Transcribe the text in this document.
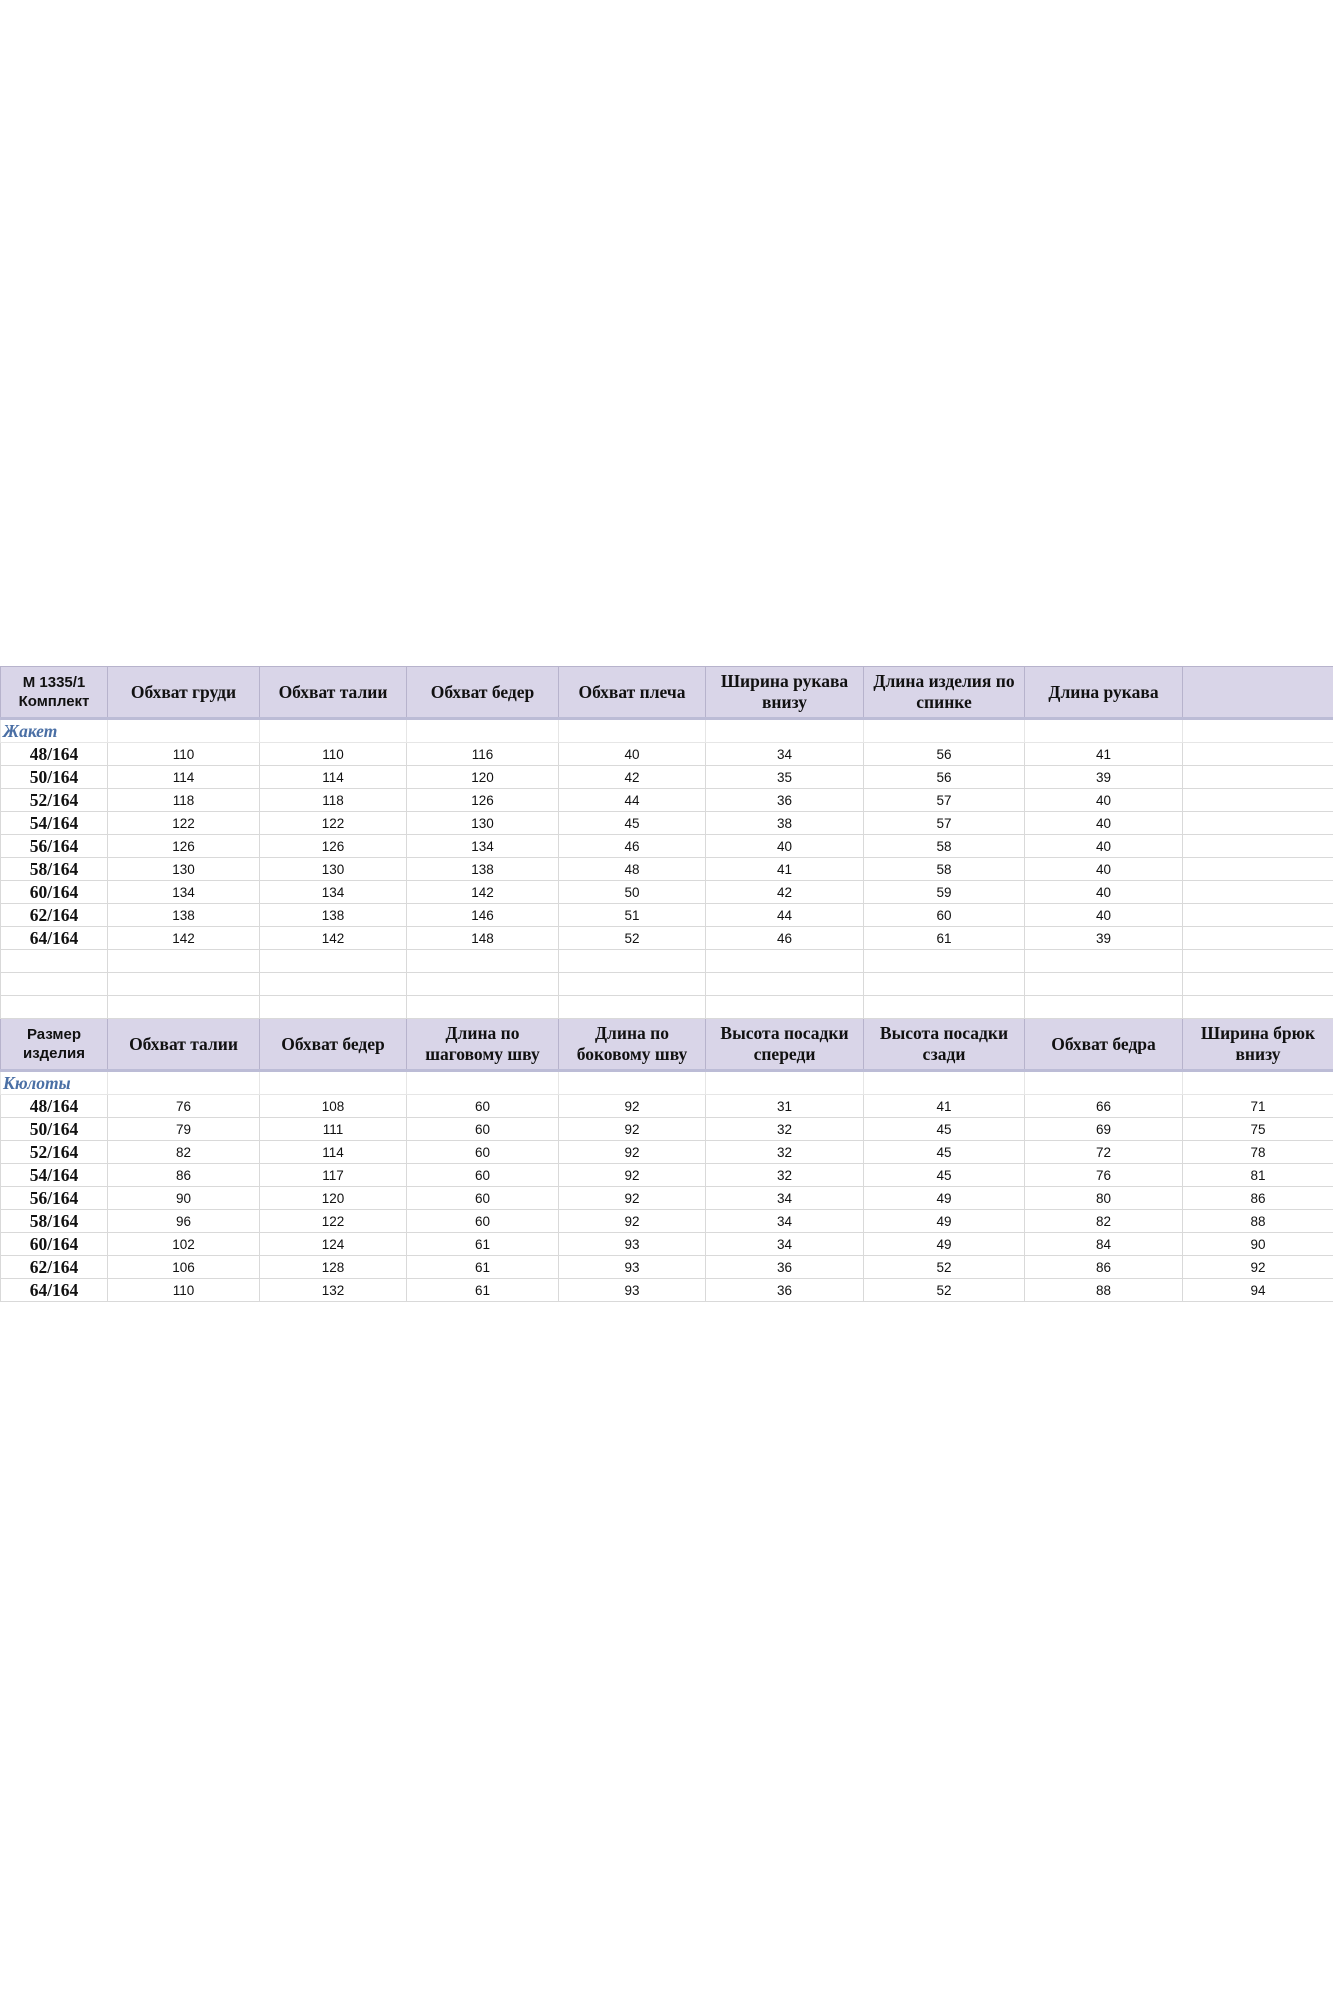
M 1335/1
Комплект	Обхват груди	Обхват талии	Обхват бедер	Обхват плеча	Ширина рукава внизу	Длина изделия по спинке	Длина рукава	

Жакет								
48/164	110	110	116	40	34	56	41	
50/164	114	114	120	42	35	56	39	
52/164	118	118	126	44	36	57	40	
54/164	122	122	130	45	38	57	40	
56/164	126	126	134	46	40	58	40	
58/164	130	130	138	48	41	58	40	
60/164	134	134	142	50	42	59	40	
62/164	138	138	146	51	44	60	40	
64/164	142	142	148	52	46	61	39	

Размер
изделия	Обхват талии	Обхват бедер	Длина по шаговому шву	Длина по боковому шву	Высота посадки спереди	Высота посадки сзади	Обхват бедра	Ширина брюк внизу

Кюлоты								
48/164	76	108	60	92	31	41	66	71
50/164	79	111	60	92	32	45	69	75
52/164	82	114	60	92	32	45	72	78
54/164	86	117	60	92	32	45	76	81
56/164	90	120	60	92	34	49	80	86
58/164	96	122	60	92	34	49	82	88
60/164	102	124	61	93	34	49	84	90
62/164	106	128	61	93	36	52	86	92
64/164	110	132	61	93	36	52	88	94
